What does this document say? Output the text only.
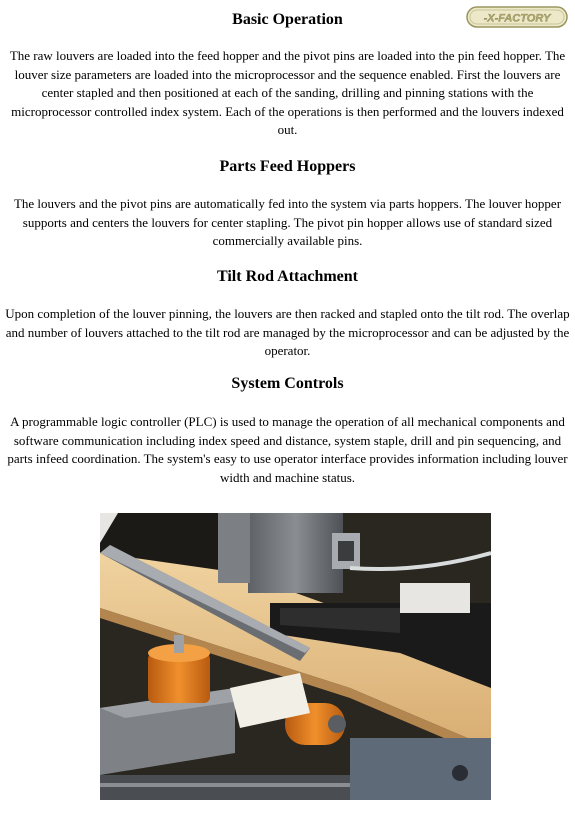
-X-FACTORY
Basic Operation

The raw louvers are loaded into the feed hopper and the pivot pins are loaded into the pin feed hopper. The louver size parameters are loaded into the microprocessor and the sequence enabled. First the louvers are center stapled and then positioned at each of the sanding, drilling and pinning stations with the microprocessor controlled index system. Each of the operations is then performed and the louvers indexed out.

Parts Feed Hoppers

The louvers and the pivot pins are automatically fed into the system via parts hoppers. The louver hopper supports and centers the louvers for center stapling. The pivot pin hopper allows use of standard sized commercially available pins.

Tilt Rod Attachment

Upon completion of the louver pinning, the louvers are then racked and stapled onto the tilt rod. The overlap and number of louvers attached to the tilt rod are managed by the microprocessor and can be adjusted by the operator.

System Controls

A programmable logic controller (PLC) is used to manage the operation of all mechanical components and software communication including index speed and distance, system staple, drill and pin sequencing, and parts infeed coordination. The system's easy to use operator interface provides information including louver width and machine status.
